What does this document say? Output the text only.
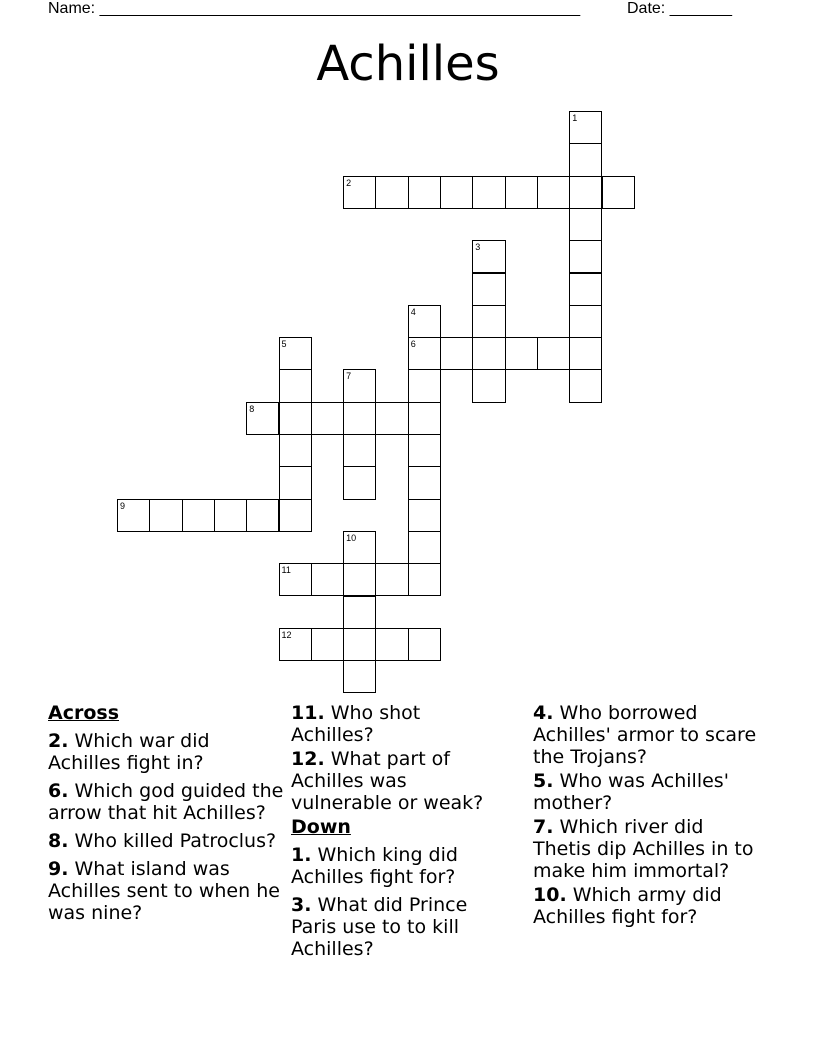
Name: ______________________________________________________	Date: _______
Achilles
1
2
3
4
6
5
7
8
9
10
11
12
Across
2. Which war did Achilles fight in?
6. Which god guided the arrow that hit Achilles?
8. Who killed Patroclus?
9. What island was Achilles sent to when he was nine?
11. Who shot Achilles?
12. What part of Achilles was vulnerable or weak?
Down
1. Which king did Achilles fight for?
3. What did Prince Paris use to to kill Achilles?
4. Who borrowed Achilles' armor to scare the Trojans?
5. Who was Achilles' mother?
7. Which river did Thetis dip Achilles in to make him immortal?
10. Which army did Achilles fight for?
